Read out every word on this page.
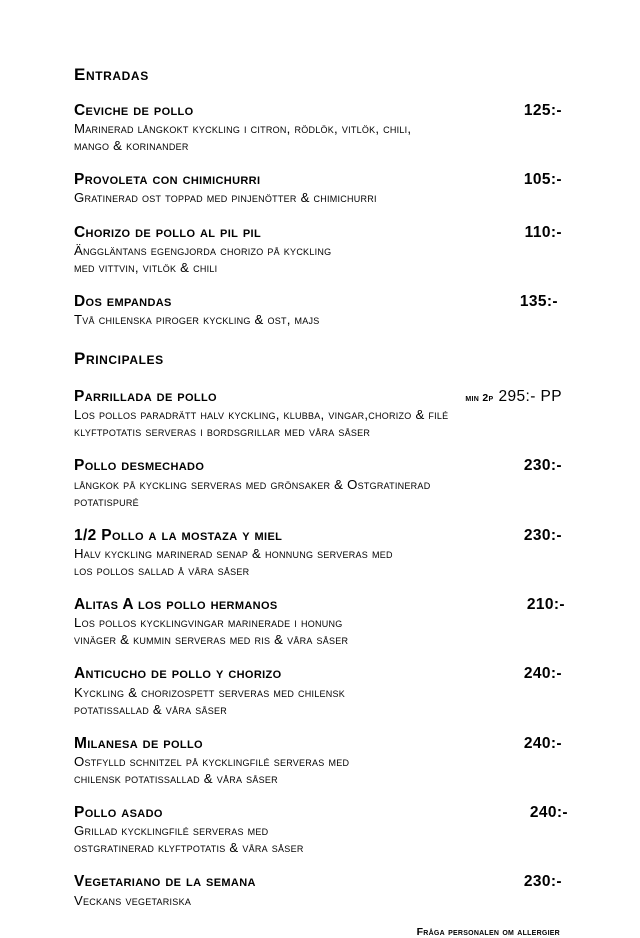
Entradas
Ceviche de pollo	125:-
Marinerad långkokt kyckling i citron, rödlök, vitlök, chili,
mango & korinander
Provoleta con chimichurri	105:-
Gratinerad ost toppad med pinjenötter & chimichurri
Chorizo de pollo al pil pil	110:-
Änggläntans egengjorda chorizo på kyckling
med vittvin, vitlök & chili
Dos empandas	135:-
Två chilenska piroger kyckling & ost, majs
Principales
Parrillada de pollo	min 2p 295:- PP
Los pollos paradrätt halv kyckling, klubba, vingar,chorizo & filé
klyftpotatis serveras i bordsgrillar med våra såser
Pollo desmechado	230:-
långkok på kyckling serveras med grönsaker & Ostgratinerad
potatispuré
1/2 Pollo a la mostaza y miel	230:-
Halv kyckling marinerad senap & honnung serveras med
los pollos sallad å våra såser
Alitas A los pollo hermanos	210:-
Los pollos kycklingvingar marinerade i honung
vinäger & kummin serveras med ris & våra såser
Anticucho de pollo y chorizo	240:-
Kyckling & chorizospett serveras med chilensk
potatissallad & våra såser
Milanesa de pollo	240:-
Ostfylld schnitzel på kycklingfilé serveras med
chilensk potatissallad & våra såser
Pollo asado	240:-
Grillad kycklingfilé serveras med
ostgratinerad klyftpotatis & våra såser
Vegetariano de la semana	230:-
Veckans vegetariska
Fråga personalen om allergier
